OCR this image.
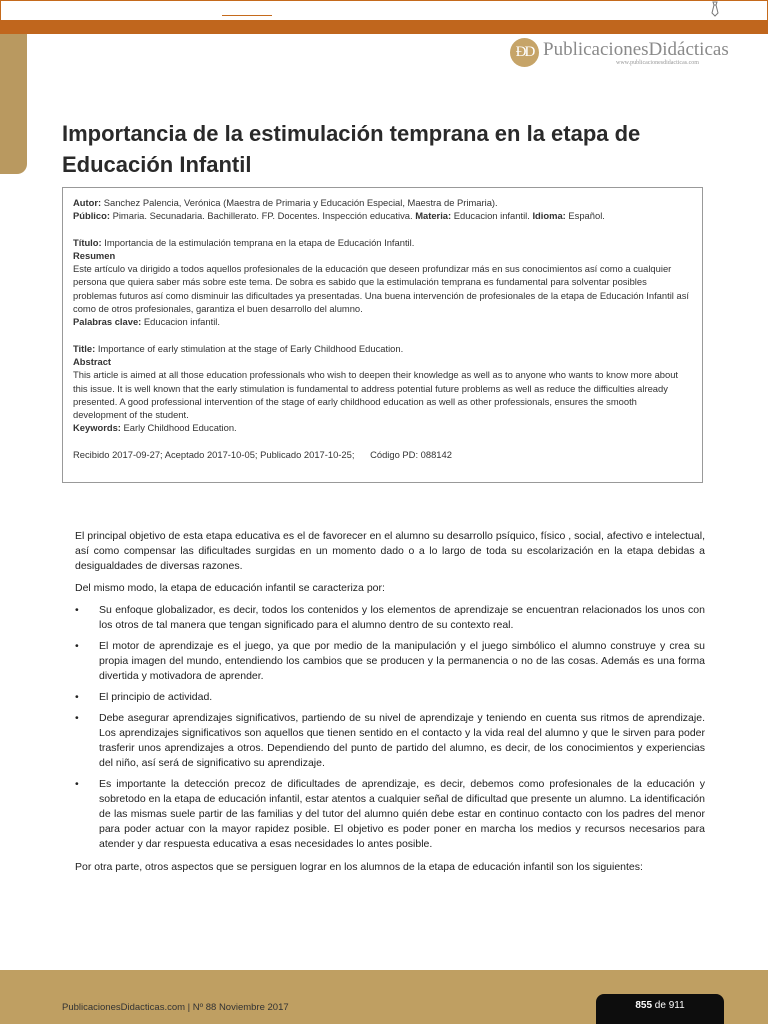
ÐD PublicacionesDidácticas
www.publicacionesdidacticas.com
Importancia de la estimulación temprana en la etapa de Educación Infantil

Autor: Sanchez Palencia, Verónica (Maestra de Primaria y Educación Especial, Maestra de Primaria).

Público: Pimaria. Secunadaria. Bachillerato. FP. Docentes. Inspección educativa. Materia: Educacion infantil. Idioma: Español.

Título: Importancia de la estimulación temprana en la etapa de Educación Infantil.

Resumen

Este artículo va dirigido a todos aquellos profesionales de la educación que deseen profundizar más en sus conocimientos así como a cualquier persona que quiera saber más sobre este tema. De sobra es sabido que la estimulación temprana es fundamental para solventar posibles problemas futuros así como disminuir las dificultades ya presentadas. Una buena intervención de profesionales de la etapa de Educación Infantil así como de otros profesionales, garantiza el buen desarrollo del alumno.

Palabras clave: Educacion infantil.

Title: Importance of early stimulation at the stage of Early Childhood Education.

Abstract

This article is aimed at all those education professionals who wish to deepen their knowledge as well as to anyone who wants to know more about this issue. It is well known that the early stimulation is fundamental to address potential future problems as well as reduce the difficulties already presented. A good professional intervention of the stage of early childhood education as well as other professionals, ensures the smooth development of the student.

Keywords: Early Childhood Education.

Recibido 2017-09-27; Aceptado 2017-10-05; Publicado 2017-10-25; Código PD: 088142

El principal objetivo de esta etapa educativa es el de favorecer en el alumno su desarrollo psíquico, físico , social, afectivo e intelectual, así como compensar las dificultades surgidas en un momento dado o a lo largo de toda su escolarización en la etapa debidas a desigualdades de diversas razones.

Del mismo modo, la etapa de educación infantil se caracteriza por:

• Su enfoque globalizador, es decir, todos los contenidos y los elementos de aprendizaje se encuentran relacionados los unos con los otros de tal manera que tengan significado para el alumno dentro de su contexto real.
• El motor de aprendizaje es el juego, ya que por medio de la manipulación y el juego simbólico el alumno construye y crea su propia imagen del mundo, entendiendo los cambios que se producen y la permanencia o no de las cosas. Además es una forma divertida y motivadora de aprender.
• El principio de actividad.
• Debe asegurar aprendizajes significativos, partiendo de su nivel de aprendizaje y teniendo en cuenta sus ritmos de aprendizaje. Los aprendizajes significativos son aquellos que tienen sentido en el contacto y la vida real del alumno y que le sirven para poder trasferir unos aprendizajes a otros. Dependiendo del punto de partido del alumno, es decir, de los conocimientos y experiencias del niño, así será de significativo su aprendizaje.
• Es importante la detección precoz de dificultades de aprendizaje, es decir, debemos como profesionales de la educación y sobretodo en la etapa de educación infantil, estar atentos a cualquier señal de dificultad que presente un alumno. La identificación de las mismas suele partir de las familias y del tutor del alumno quién debe estar en continuo contacto con los padres del menor para poder actuar con la mayor rapidez posible. El objetivo es poder poner en marcha los medios y recursos necesarios para atender y dar respuesta educativa a esas necesidades lo antes posible.

Por otra parte, otros aspectos que se persiguen lograr en los alumnos de la etapa de educación infantil son los siguientes:

PublicacionesDidacticas.com | Nº 88 Noviembre 2017	855 de 911
